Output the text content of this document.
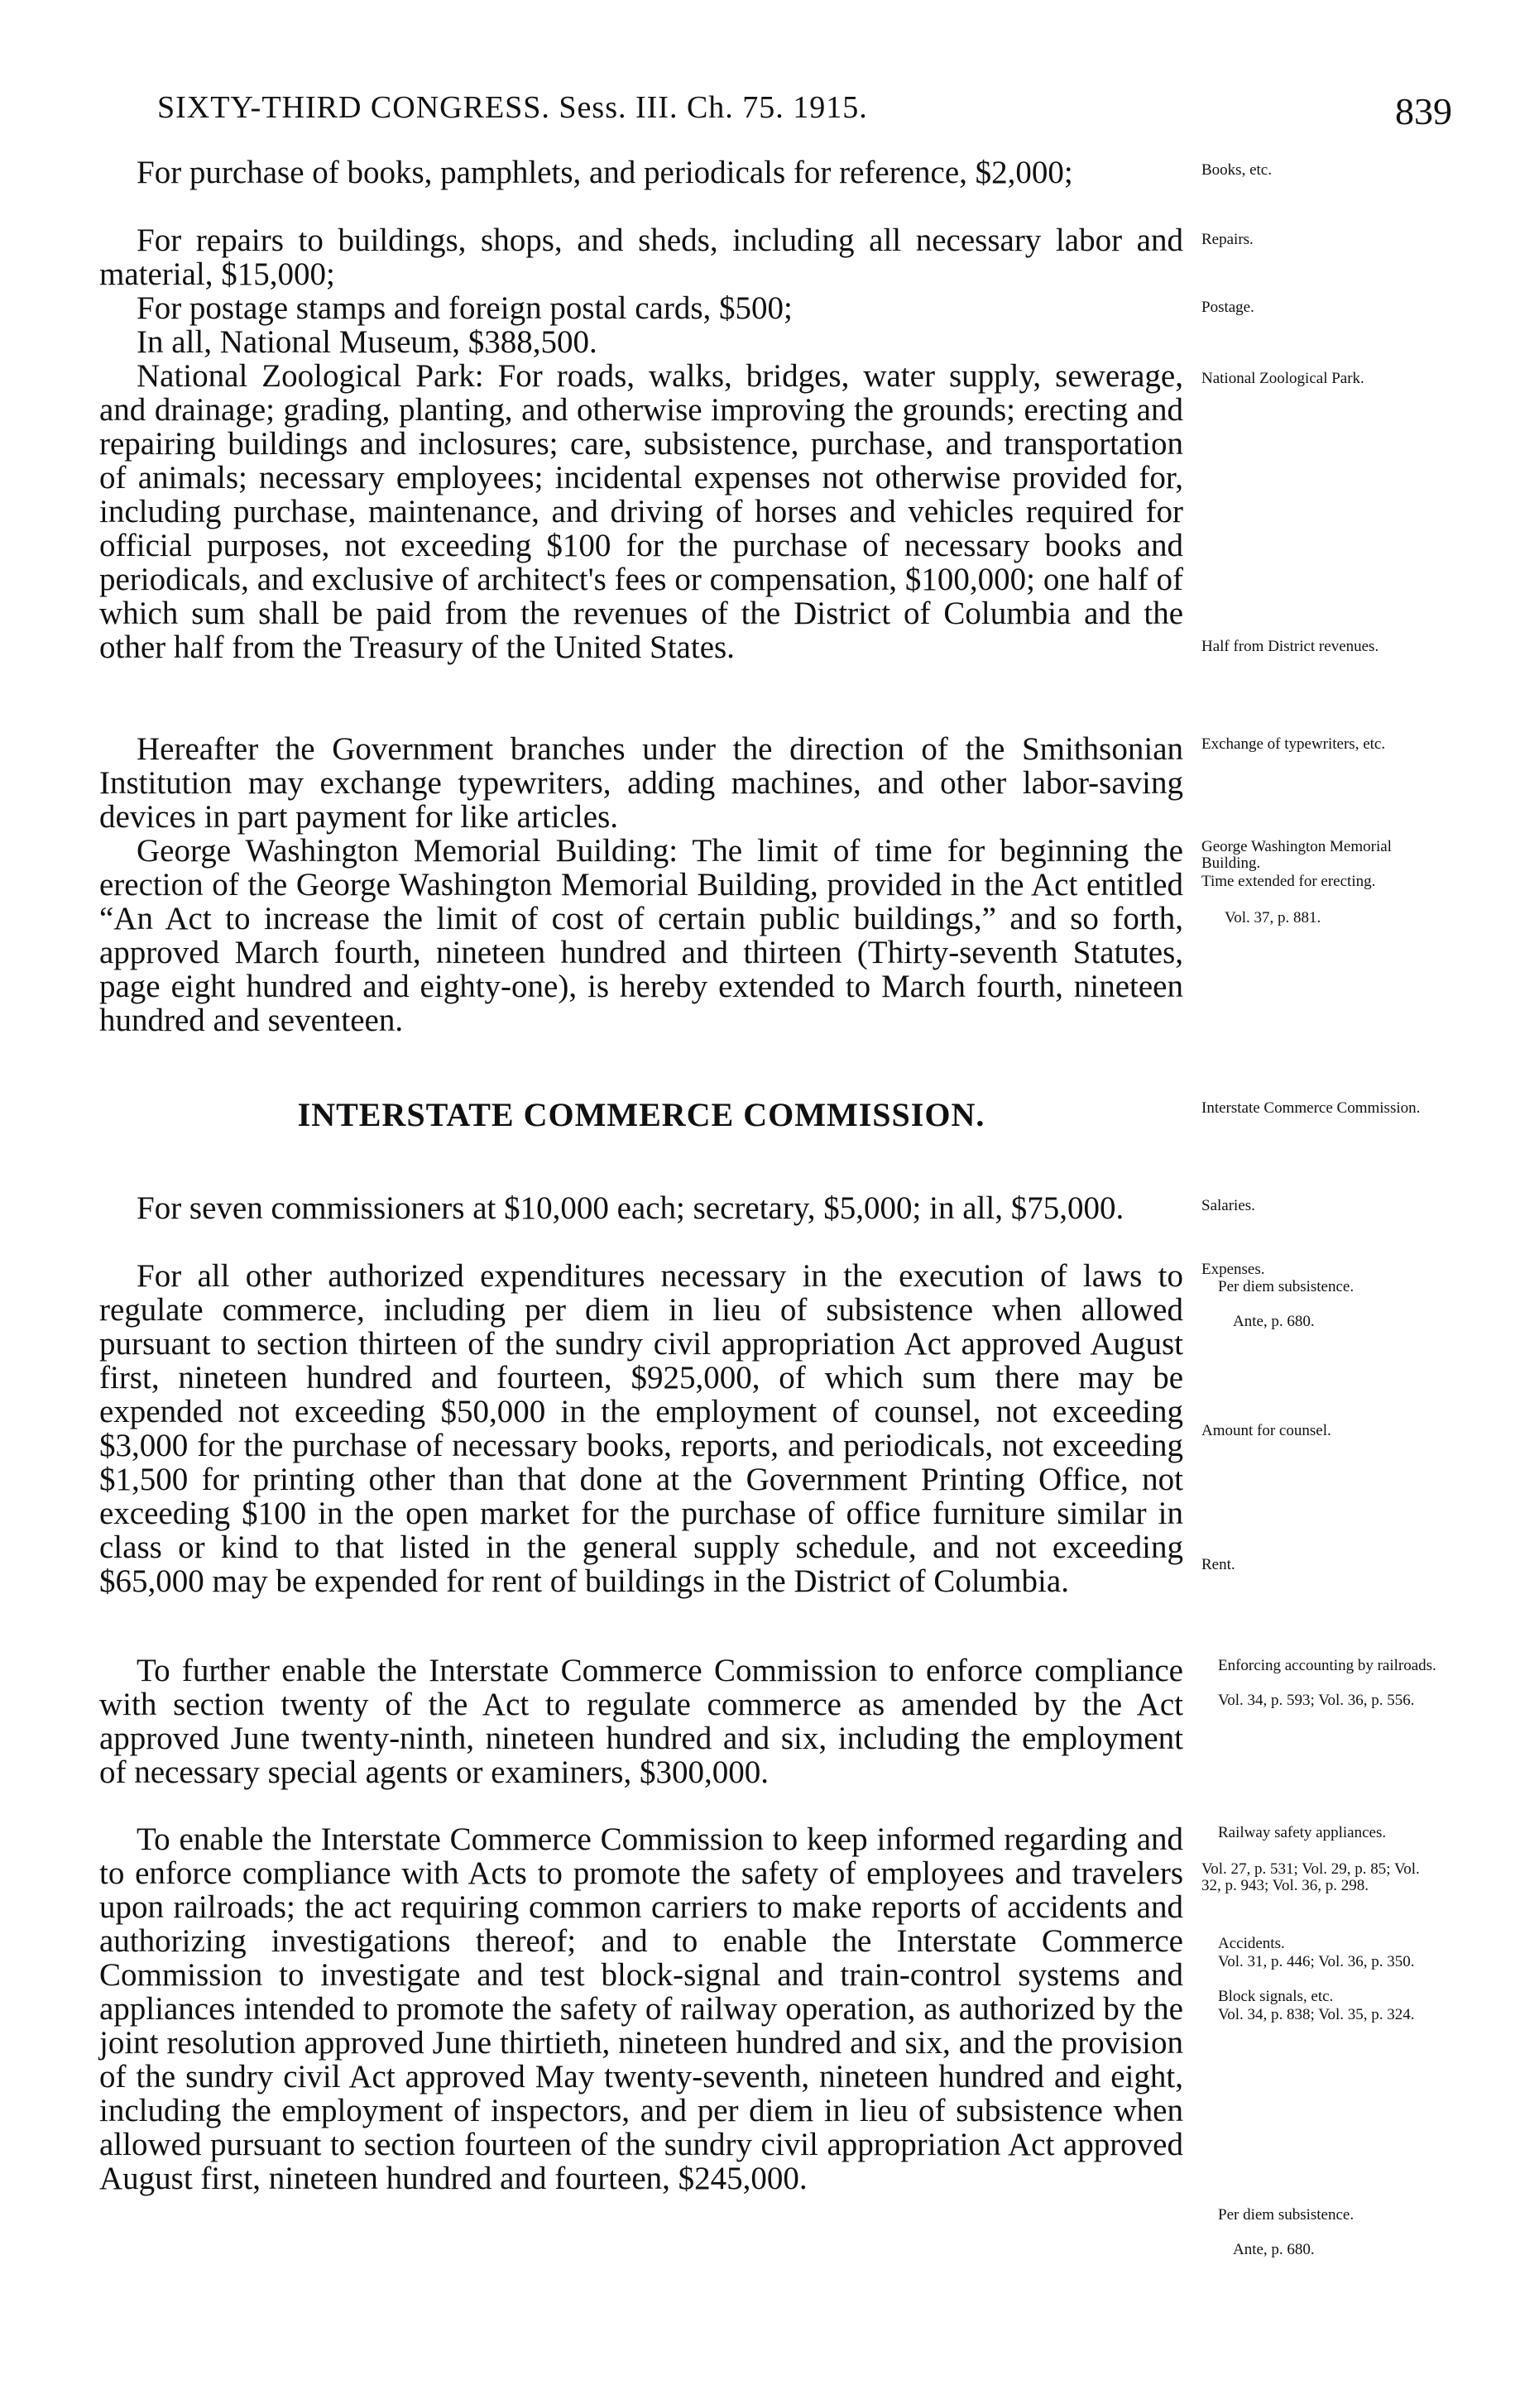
SIXTY-THIRD CONGRESS. Sess. III. Ch. 75. 1915.	839

For purchase of books, pamphlets, and periodicals for reference, $2,000;

For repairs to buildings, shops, and sheds, including all necessary labor and material, $15,000;

For postage stamps and foreign postal cards, $500;

In all, National Museum, $388,500.

National Zoological Park: For roads, walks, bridges, water supply, sewerage, and drainage; grading, planting, and otherwise improving the grounds; erecting and repairing buildings and inclosures; care, subsistence, purchase, and transportation of animals; necessary employees; incidental expenses not otherwise provided for, including purchase, maintenance, and driving of horses and vehicles required for official purposes, not exceeding $100 for the purchase of necessary books and periodicals, and exclusive of architect's fees or compensation, $100,000; one half of which sum shall be paid from the revenues of the District of Columbia and the other half from the Treasury of the United States.

Hereafter the Government branches under the direction of the Smithsonian Institution may exchange typewriters, adding machines, and other labor-saving devices in part payment for like articles.

George Washington Memorial Building: The limit of time for beginning the erection of the George Washington Memorial Building, provided in the Act entitled “An Act to increase the limit of cost of certain public buildings,” and so forth, approved March fourth, nineteen hundred and thirteen (Thirty-seventh Statutes, page eight hundred and eighty-one), is hereby extended to March fourth, nineteen hundred and seventeen.

INTERSTATE COMMERCE COMMISSION.

For seven commissioners at $10,000 each; secretary, $5,000; in all, $75,000.

For all other authorized expenditures necessary in the execution of laws to regulate commerce, including per diem in lieu of subsistence when allowed pursuant to section thirteen of the sundry civil appropriation Act approved August first, nineteen hundred and fourteen, $925,000, of which sum there may be expended not exceeding $50,000 in the employment of counsel, not exceeding $3,000 for the purchase of necessary books, reports, and periodicals, not exceeding $1,500 for printing other than that done at the Government Printing Office, not exceeding $100 in the open market for the purchase of office furniture similar in class or kind to that listed in the general supply schedule, and not exceeding $65,000 may be expended for rent of buildings in the District of Columbia.

To further enable the Interstate Commerce Commission to enforce compliance with section twenty of the Act to regulate commerce as amended by the Act approved June twenty-ninth, nineteen hundred and six, including the employment of necessary special agents or examiners, $300,000.

To enable the Interstate Commerce Commission to keep informed regarding and to enforce compliance with Acts to promote the safety of employees and travelers upon railroads; the act requiring common carriers to make reports of accidents and authorizing investigations thereof; and to enable the Interstate Commerce Commission to investigate and test block-signal and train-control systems and appliances intended to promote the safety of railway operation, as authorized by the joint resolution approved June thirtieth, nineteen hundred and six, and the provision of the sundry civil Act approved May twenty-seventh, nineteen hundred and eight, including the employment of inspectors, and per diem in lieu of subsistence when allowed pursuant to section fourteen of the sundry civil appropriation Act approved August first, nineteen hundred and fourteen, $245,000.

Books, etc.

Repairs.

Postage.

National Zoological Park.

Half from District revenues.

Exchange of typewriters, etc.

George Washington Memorial Building.

Time extended for erecting.

Vol. 37, p. 881.

Interstate Commerce Commission.

Salaries.

Expenses.

Per diem subsistence.

Ante, p. 680.

Amount for counsel.

Rent.

Enforcing accounting by railroads.

Vol. 34, p. 593; Vol. 36, p. 556.

Railway safety appliances.

Vol. 27, p. 531; Vol. 29, p. 85; Vol. 32, p. 943; Vol. 36, p. 298.

Accidents.

Vol. 31, p. 446; Vol. 36, p. 350.

Block signals, etc.

Vol. 34, p. 838; Vol. 35, p. 324.

Per diem subsistence.

Ante, p. 680.
